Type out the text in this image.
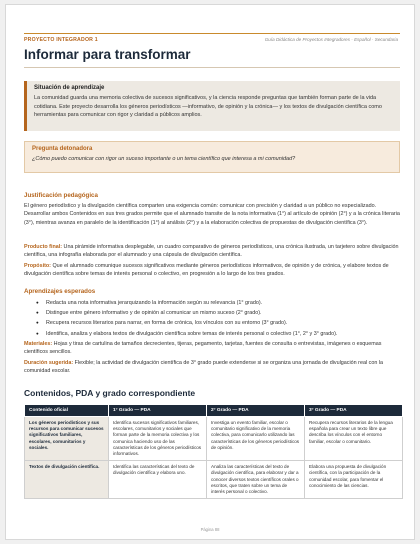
PROYECTO INTEGRADOR 1	Guía Didáctica de Proyectos Integradores · Español · Secundaria
Informar para transformar
Situación de aprendizaje
La comunidad guarda una memoria colectiva de sucesos significativos, y la ciencia responde preguntas que también forman parte de la vida cotidiana. Este proyecto desarrolla los géneros periodísticos —informativo, de opinión y la crónica— y los textos de divulgación científica como herramientas para comunicar con rigor y claridad a públicos amplios.
Pregunta detonadora
¿Cómo puedo comunicar con rigor un suceso importante o un tema científico que interesa a mi comunidad?
Justificación pedagógica
El género periodístico y la divulgación científica comparten una exigencia común: comunicar con precisión y claridad a un público no especializado. Desarrollar ambos Contenidos en sus tres grados permite que el alumnado transite de la nota informativa (1°) al artículo de opinión (2°) y a la crónica literaria (3°), mientras avanza en paralelo de la identificación (1°) al análisis (2°) y a la elaboración colectiva de propuestas de divulgación científica (3°).
Producto final: Una pirámide informativa desplegable, un cuadro comparativo de géneros periodísticos, una crónica ilustrada, un tarjetero sobre divulgación científica, una infografía elaborada por el alumnado y una cápsula de divulgación científica.
Propósito: Que el alumnado comunique sucesos significativos mediante géneros periodísticos informativos, de opinión y de crónica, y elabore textos de divulgación científica sobre temas de interés personal o colectivo, en progresión a lo largo de los tres grados.
Aprendizajes esperados
● Redacta una nota informativa jerarquizando la información según su relevancia (1° grado).
● Distingue entre género informativo y de opinión al comunicar un mismo suceso (2° grado).
● Recupera recursos literarios para narrar, en forma de crónica, los vínculos con su entorno (3° grado).
● Identifica, analiza y elabora textos de divulgación científica sobre temas de interés personal o colectivo (1°, 2° y 3° grado).
Materiales: Hojas y tiras de cartulina de tamaños decrecientes, tijeras, pegamento, tarjetas, fuentes de consulta o entrevistas, imágenes o esquemas científicos sencillos.
Duración sugerida: Flexible; la actividad de divulgación científica de 3° grado puede extenderse si se organiza una jornada de divulgación real con la comunidad escolar.
Contenidos, PDA y grado correspondiente
Contenido oficial	1° Grado — PDA	2° Grado — PDA	3° Grado — PDA
Los géneros periodísticos y sus recursos para comunicar sucesos significativos familiares, escolares, comunitarios y sociales.	Identifica sucesos significativos familiares, escolares, comunitarios y sociales que forman parte de la memoria colectiva y los comunica haciendo uso de las características de los géneros periodísticos informativos.	Investiga un evento familiar, escolar o comunitario significativo de la memoria colectiva, para comunicarlo utilizando las características de los géneros periodísticos de opinión.	Recupera recursos literarios de la lengua española para crear un texto libre que describa los vínculos con el entorno familiar, escolar o comunitario.
Textos de divulgación científica.	Identifica las características del texto de divulgación científica y elabora uno.	Analiza las características del texto de divulgación científica, para elaborar y dar a conocer diversos textos científicos orales o escritos, que traten sobre un tema de interés personal o colectivo.	Elabora una propuesta de divulgación científica, con la participación de la comunidad escolar, para fomentar el conocimiento de las ciencias.
Página 88
